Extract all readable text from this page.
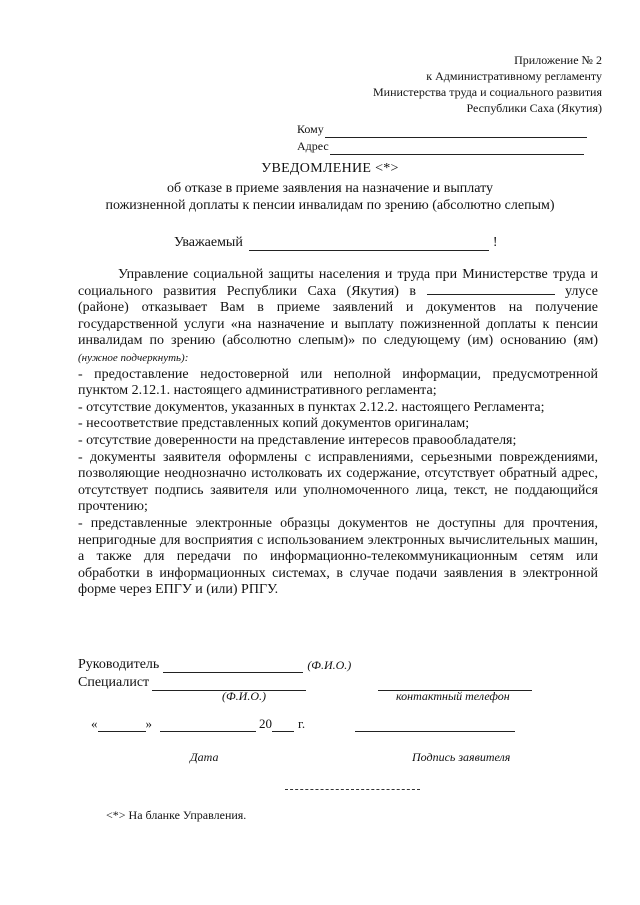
Приложение № 2
к Административному регламенту
Министерства труда и социального развития
Республики Саха (Якутия)
Кому
Адрес
УВЕДОМЛЕНИЕ <*>
об отказе в приеме заявления на назначение и выплату
пожизненной доплаты к пенсии инвалидам по зрению (абсолютно слепым)
Уважаемый	!

Управление социальной защиты населения и труда при Министерстве труда и социального развития Республики Саха (Якутия) в	улусе (районе) отказывает Вам в приеме заявлений и документов на получение государственной услуги «на назначение и выплату пожизненной доплаты к пенсии инвалидам по зрению (абсолютно слепым)» по следующему (им) основанию (ям) (нужное подчеркнуть):

- предоставление недостоверной или неполной информации, предусмотренной пунктом 2.12.1. настоящего административного регламента;

- отсутствие документов, указанных в пунктах 2.12.2. настоящего Регламента;

- несоответствие представленных копий документов оригиналам;

- отсутствие доверенности на представление интересов правообладателя;

- документы заявителя оформлены с исправлениями, серьезными повреждениями, позволяющие неоднозначно истолковать их содержание, отсутствует обратный адрес, отсутствует подпись заявителя или уполномоченного лица, текст, не поддающийся прочтению;

- представленные электронные образцы документов не доступны для прочтения, непригодные для восприятия с использованием электронных вычислительных машин, а также для передачи по информационно-телекоммуникационным сетям или обработки в информационных системах, в случае подачи заявления в электронной форме через ЕПГУ и (или) РПГУ.

Руководитель	(Ф.И.О.)
Специалист
(Ф.И.О.)	контактный телефон
«	»	20 г.
Дата	Подпись заявителя
<*> На бланке Управления.
